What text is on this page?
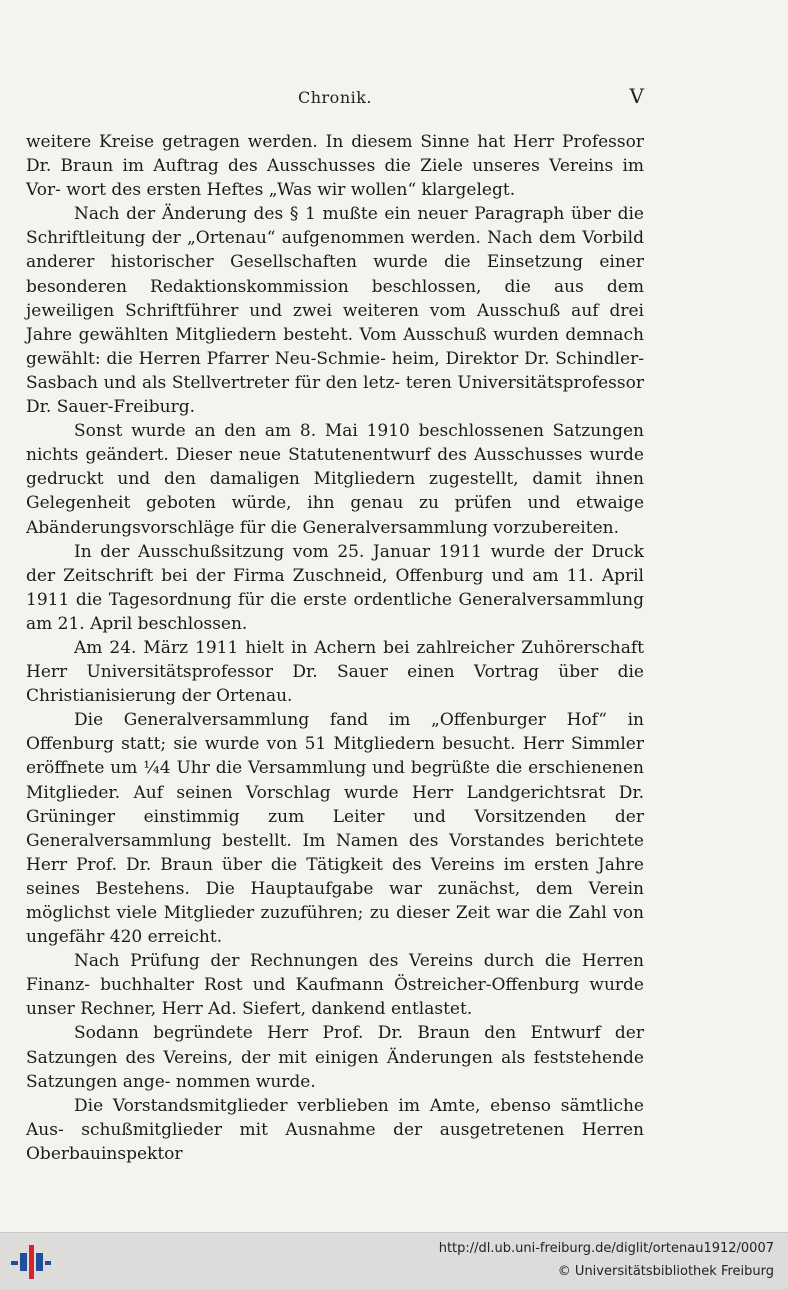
Chronik.	V

weitere Kreise getragen werden. In diesem Sinne hat Herr Professor Dr. Braun im Auftrag des Ausschusses die Ziele unseres Vereins im Vor- wort des ersten Heftes „Was wir wollen“ klargelegt.

Nach der Änderung des § 1 mußte ein neuer Paragraph über die Schriftleitung der „Ortenau“ aufgenommen werden. Nach dem Vorbild anderer historischer Gesellschaften wurde die Einsetzung einer besonderen Redaktionskommission beschlossen, die aus dem jeweiligen Schriftführer und zwei weiteren vom Ausschuß auf drei Jahre gewählten Mitgliedern besteht. Vom Ausschuß wurden demnach gewählt: die Herren Pfarrer Neu-Schmie- heim, Direktor Dr. Schindler-Sasbach und als Stellvertreter für den letz- teren Universitätsprofessor Dr. Sauer-Freiburg.

Sonst wurde an den am 8. Mai 1910 beschlossenen Satzungen nichts geändert. Dieser neue Statutenentwurf des Ausschusses wurde gedruckt und den damaligen Mitgliedern zugestellt, damit ihnen Gelegenheit geboten würde, ihn genau zu prüfen und etwaige Abänderungsvorschläge für die Generalversammlung vorzubereiten.

In der Ausschußsitzung vom 25. Januar 1911 wurde der Druck der Zeitschrift bei der Firma Zuschneid, Offenburg und am 11. April 1911 die Tagesordnung für die erste ordentliche Generalversammlung am 21. April beschlossen.

Am 24. März 1911 hielt in Achern bei zahlreicher Zuhörerschaft Herr Universitätsprofessor Dr. Sauer einen Vortrag über die Christianisierung der Ortenau.

Die Generalversammlung fand im „Offenburger Hof“ in Offenburg statt; sie wurde von 51 Mitgliedern besucht. Herr Simmler eröffnete um ¼4 Uhr die Versammlung und begrüßte die erschienenen Mitglieder. Auf seinen Vorschlag wurde Herr Landgerichtsrat Dr. Grüninger einstimmig zum Leiter und Vorsitzenden der Generalversammlung bestellt. Im Namen des Vorstandes berichtete Herr Prof. Dr. Braun über die Tätigkeit des Vereins im ersten Jahre seines Bestehens. Die Hauptaufgabe war zunächst, dem Verein möglichst viele Mitglieder zuzuführen; zu dieser Zeit war die Zahl von ungefähr 420 erreicht.

Nach Prüfung der Rechnungen des Vereins durch die Herren Finanz- buchhalter Rost und Kaufmann Östreicher-Offenburg wurde unser Rechner, Herr Ad. Siefert, dankend entlastet.

Sodann begründete Herr Prof. Dr. Braun den Entwurf der Satzungen des Vereins, der mit einigen Änderungen als feststehende Satzungen ange- nommen wurde.

Die Vorstandsmitglieder verblieben im Amte, ebenso sämtliche Aus- schußmitglieder mit Ausnahme der ausgetretenen Herren Oberbauinspektor

http://dl.ub.uni-freiburg.de/diglit/ortenau1912/0007
© Universitätsbibliothek Freiburg
